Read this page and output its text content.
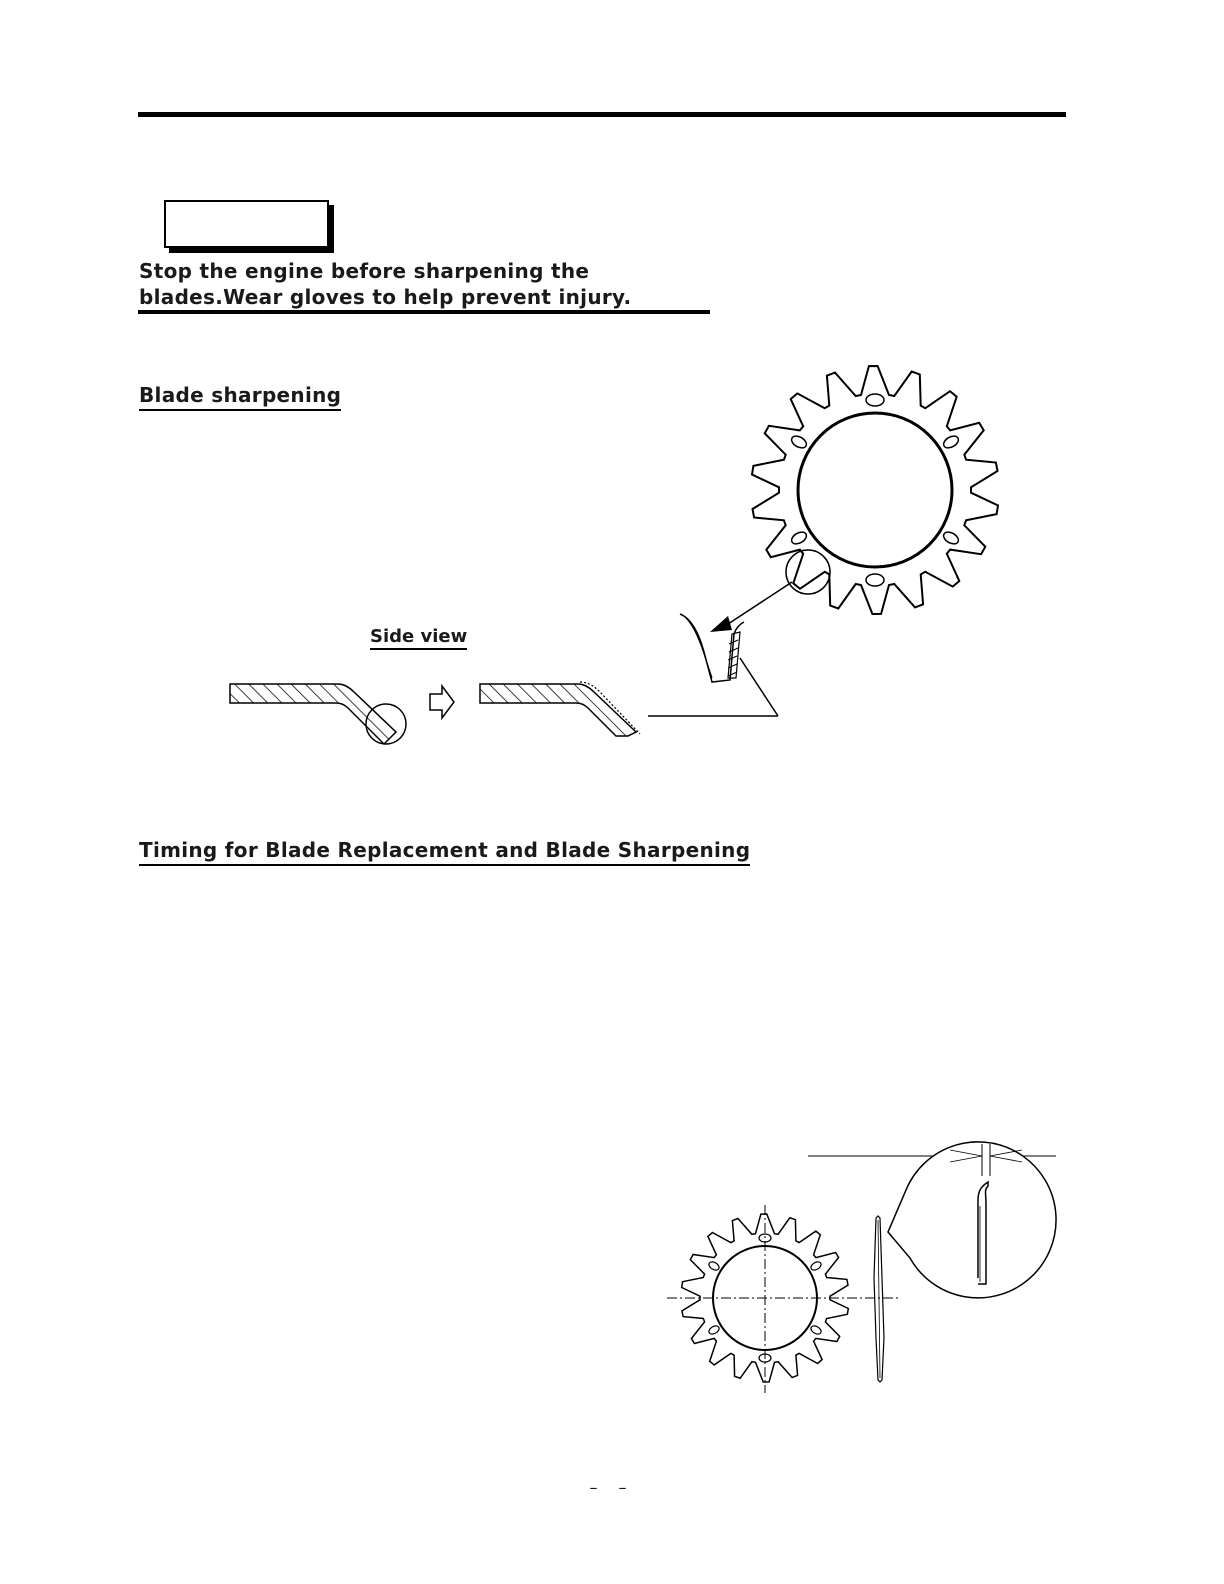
Stop the engine before sharpening the blades.Wear gloves to help prevent injury.
Blade sharpening
Side view
Timing for Blade Replacement and Blade Sharpening
– –
